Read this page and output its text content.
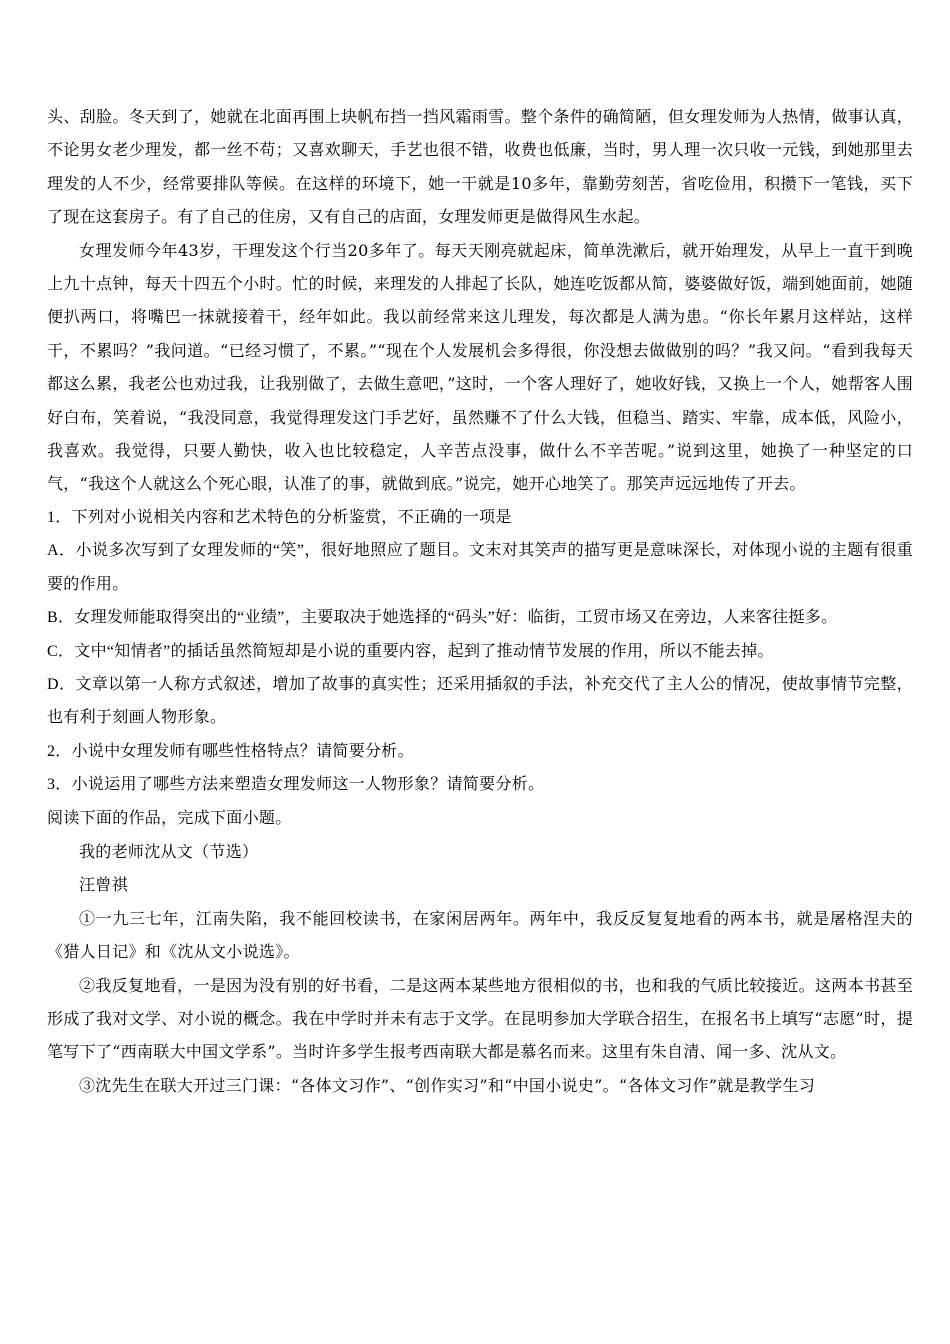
头、刮脸。冬天到了，她就在北面再围上块帆布挡一挡风霜雨雪。整个条件的确简陋，但女理发师为人热情，做事认真，不论男女老少理发，都一丝不苟；又喜欢聊天，手艺也很不错，收费也低廉，当时，男人理一次只收一元钱，到她那里去理发的人不少，经常要排队等候。在这样的环境下，她一干就是10多年，靠勤劳刻苦，省吃俭用，积攒下一笔钱，买下了现在这套房子。有了自己的住房，又有自己的店面，女理发师更是做得风生水起。

女理发师今年43岁，干理发这个行当20多年了。每天天刚亮就起床，简单洗漱后，就开始理发，从早上一直干到晚上九十点钟，每天十四五个小时。忙的时候，来理发的人排起了长队，她连吃饭都从简，婆婆做好饭，端到她面前，她随便扒两口，将嘴巴一抹就接着干，经年如此。我以前经常来这儿理发，每次都是人满为患。“你长年累月这样站，这样干，不累吗？”我问道。“已经习惯了，不累。”“现在个人发展机会多得很，你没想去做做别的吗？”我又问。“看到我每天都这么累，我老公也劝过我，让我别做了，去做生意吧，”这时，一个客人理好了，她收好钱，又换上一个人，她帮客人围好白布，笑着说，“我没同意，我觉得理发这门手艺好，虽然赚不了什么大钱，但稳当、踏实、牢靠，成本低，风险小，我喜欢。我觉得，只要人勤快，收入也比较稳定，人辛苦点没事，做什么不辛苦呢。”说到这里，她换了一种坚定的口气，“我这个人就这么个死心眼，认准了的事，就做到底。”说完，她开心地笑了。那笑声远远地传了开去。

1．下列对小说相关内容和艺术特色的分析鉴赏，不正确的一项是

A．小说多次写到了女理发师的“笑”，很好地照应了题目。文末对其笑声的描写更是意味深长，对体现小说的主题有很重要的作用。

B．女理发师能取得突出的“业绩”，主要取决于她选择的“码头”好：临街，工贸市场又在旁边，人来客往挺多。

C．文中“知情者”的插话虽然简短却是小说的重要内容，起到了推动情节发展的作用，所以不能去掉。

D．文章以第一人称方式叙述，增加了故事的真实性；还采用插叙的手法，补充交代了主人公的情况，使故事情节完整，也有利于刻画人物形象。

2．小说中女理发师有哪些性格特点？请简要分析。

3．小说运用了哪些方法来塑造女理发师这一人物形象？请简要分析。

阅读下面的作品，完成下面小题。

我的老师沈从文（节选）

汪曾祺

①一九三七年，江南失陷，我不能回校读书，在家闲居两年。两年中，我反反复复地看的两本书，就是屠格涅夫的《猎人日记》和《沈从文小说选》。

②我反复地看，一是因为没有别的好书看，二是这两本某些地方很相似的书，也和我的气质比较接近。这两本书甚至形成了我对文学、对小说的概念。我在中学时并未有志于文学。在昆明参加大学联合招生，在报名书上填写“志愿”时，提笔写下了“西南联大中国文学系”。当时许多学生报考西南联大都是慕名而来。这里有朱自清、闻一多、沈从文。

③沈先生在联大开过三门课：“各体文习作”、“创作实习”和“中国小说史”。“各体文习作”就是教学生习
